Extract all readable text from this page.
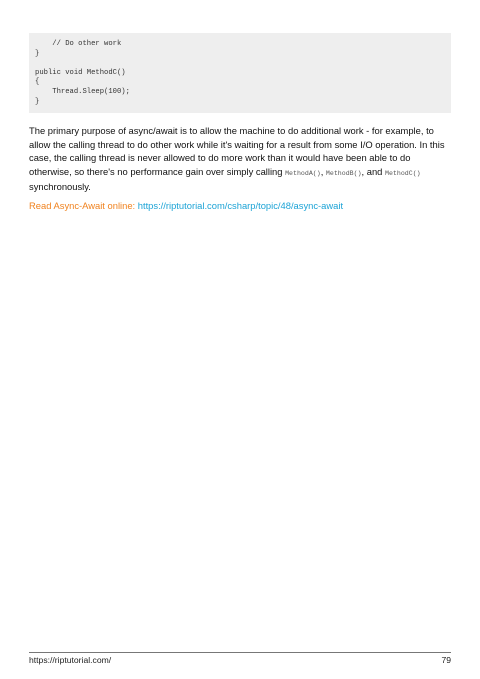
// Do other work
}
public void MethodC()
{
Thread.Sleep(100);
}

The primary purpose of async/await is to allow the machine to do additional work - for example, to allow the calling thread to do other work while it's waiting for a result from some I/O operation. In this case, the calling thread is never allowed to do more work than it would have been able to do otherwise, so there's no performance gain over simply calling MethodA(), MethodB(), and MethodC() synchronously.

Read Async-Await online: https://riptutorial.com/csharp/topic/48/async-await
https://riptutorial.com/	79
